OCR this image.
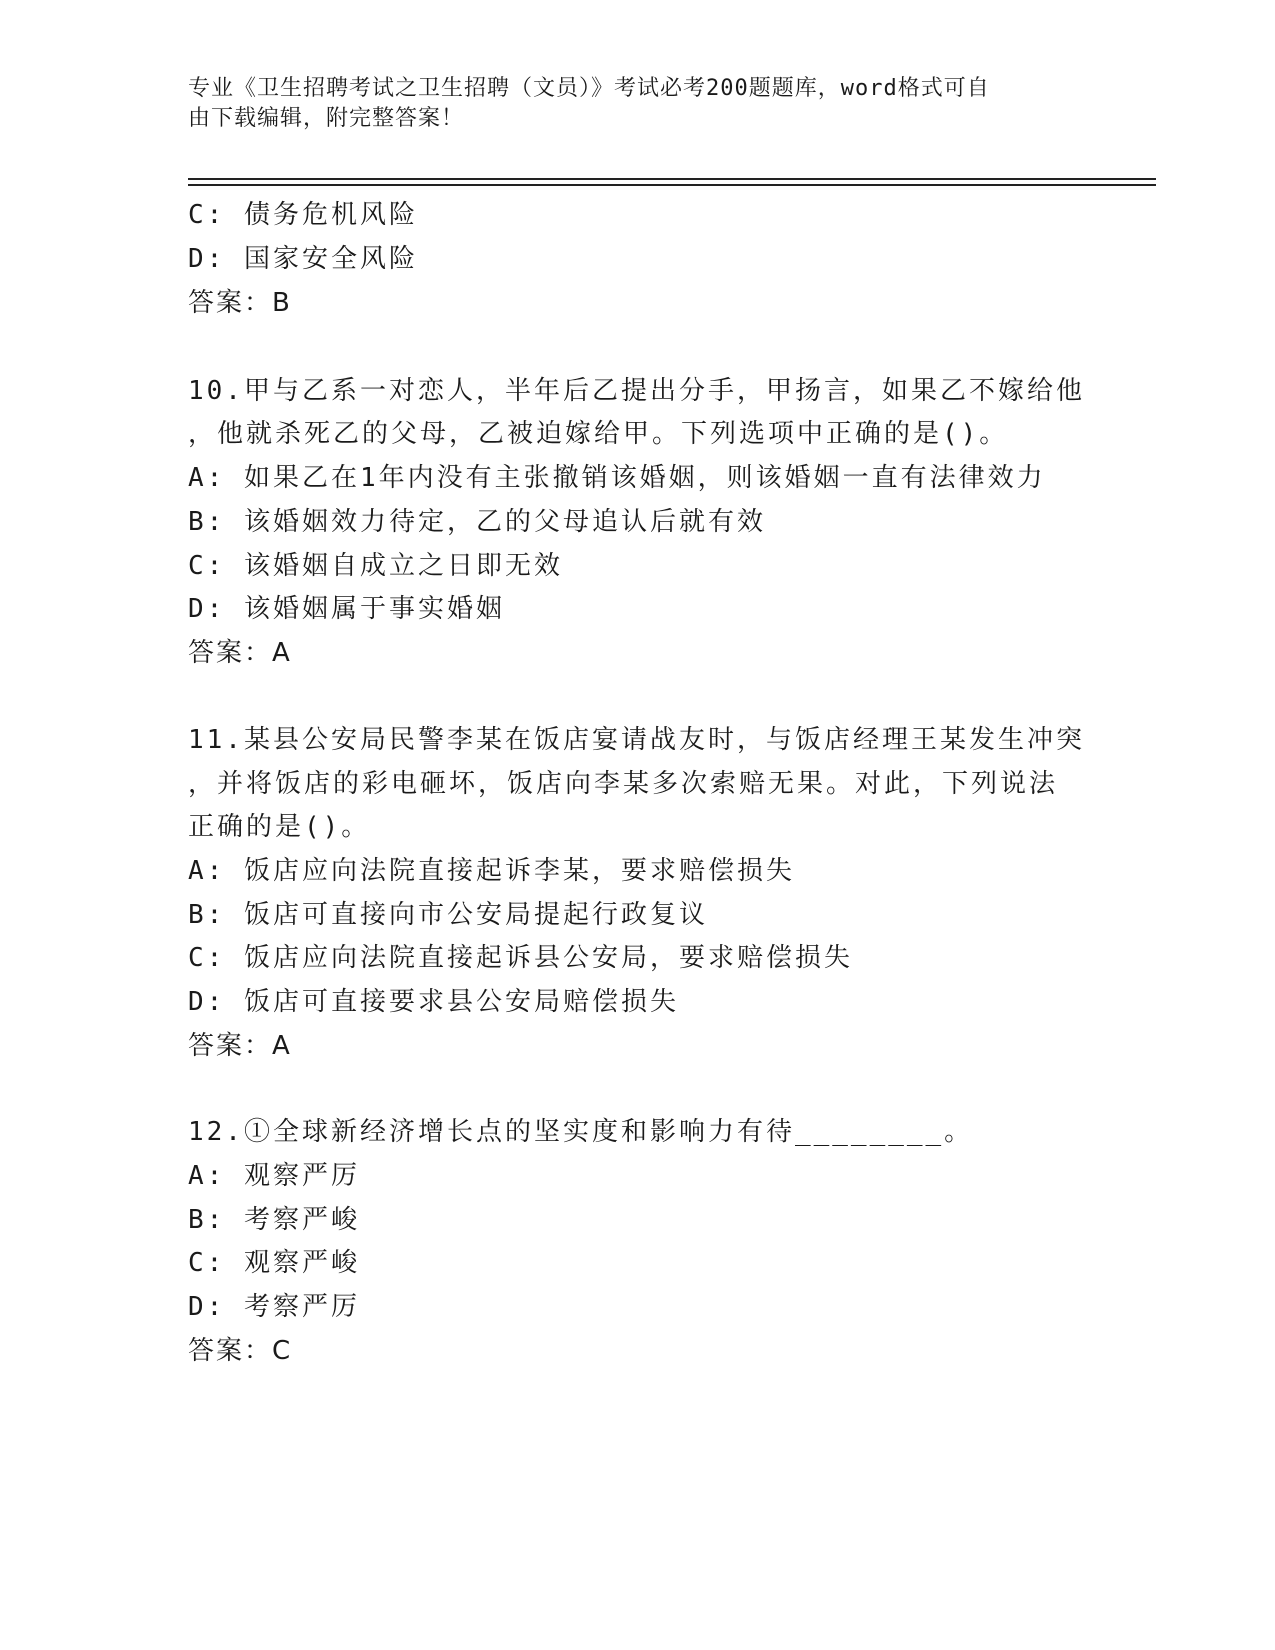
专业《卫生招聘考试之卫生招聘（文员）》考试必考200题题库，word格式可自
由下载编辑，附完整答案！
C: 债务危机风险
D: 国家安全风险
答案：B
10.甲与乙系一对恋人，半年后乙提出分手，甲扬言，如果乙不嫁给他
，他就杀死乙的父母，乙被迫嫁给甲。下列选项中正确的是()。
A: 如果乙在1年内没有主张撤销该婚姻，则该婚姻一直有法律效力
B: 该婚姻效力待定，乙的父母追认后就有效
C: 该婚姻自成立之日即无效
D: 该婚姻属于事实婚姻
答案：A
11.某县公安局民警李某在饭店宴请战友时，与饭店经理王某发生冲突
，并将饭店的彩电砸坏，饭店向李某多次索赔无果。对此，下列说法
正确的是()。
A: 饭店应向法院直接起诉李某，要求赔偿损失
B: 饭店可直接向市公安局提起行政复议
C: 饭店应向法院直接起诉县公安局，要求赔偿损失
D: 饭店可直接要求县公安局赔偿损失
答案：A
12.①全球新经济增长点的坚实度和影响力有待________。
A: 观察严厉
B: 考察严峻
C: 观察严峻
D: 考察严厉
答案：C
